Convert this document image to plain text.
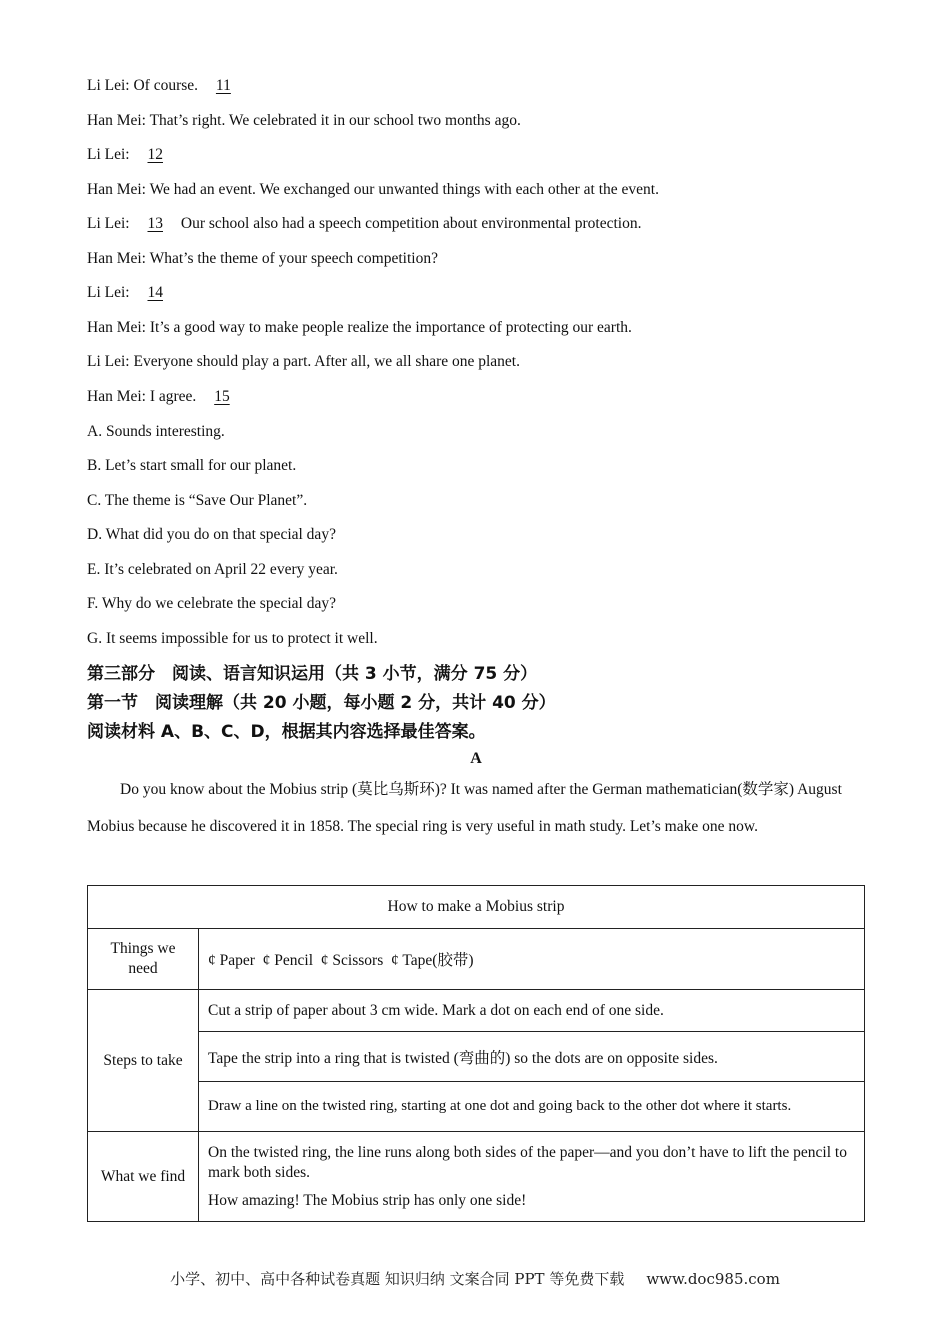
Li Lei: Of course. 11
Han Mei: That’s right. We celebrated it in our school two months ago.
Li Lei: 12
Han Mei: We had an event. We exchanged our unwanted things with each other at the event.
Li Lei: 13 Our school also had a speech competition about environmental protection.
Han Mei: What’s the theme of your speech competition?
Li Lei: 14
Han Mei: It’s a good way to make people realize the importance of protecting our earth.
Li Lei: Everyone should play a part. After all, we all share one planet.
Han Mei: I agree. 15
A. Sounds interesting.
B. Let’s start small for our planet.
C. The theme is “Save Our Planet”.
D. What did you do on that special day?
E. It’s celebrated on April 22 every year.
F. Why do we celebrate the special day?
G. It seems impossible for us to protect it well.
第三部分　阅读、语言知识运用（共 3 小节，满分 75 分）
第一节　阅读理解（共 20 小题，每小题 2 分，共计 40 分）
阅读材料 A、B、C、D，根据其内容选择最佳答案。
A
Do you know about the Mobius strip (莫比乌斯环)? It was named after the German mathematician(数学家) August Mobius because he discovered it in 1858. The special ring is very useful in math study. Let’s make one now.
How to make a Mobius strip	
Things we need	¢ Paper  ¢ Pencil  ¢ Scissors  ¢ Tape(胶带)
Steps to take	Cut a strip of paper about 3 cm wide. Mark a dot on each end of one side.
	Tape the strip into a ring that is twisted (弯曲的) so the dots are on opposite sides.
	Draw a line on the twisted ring, starting at one dot and going back to the other dot where it starts.
What we find	On the twisted ring, the line runs along both sides of the paper—and you don’t have to lift the pencil to mark both sides.
How amazing! The Mobius strip has only one side!
小学、初中、高中各种试卷真题 知识归纳 文案合同 PPT 等免费下载 www.doc985.com
